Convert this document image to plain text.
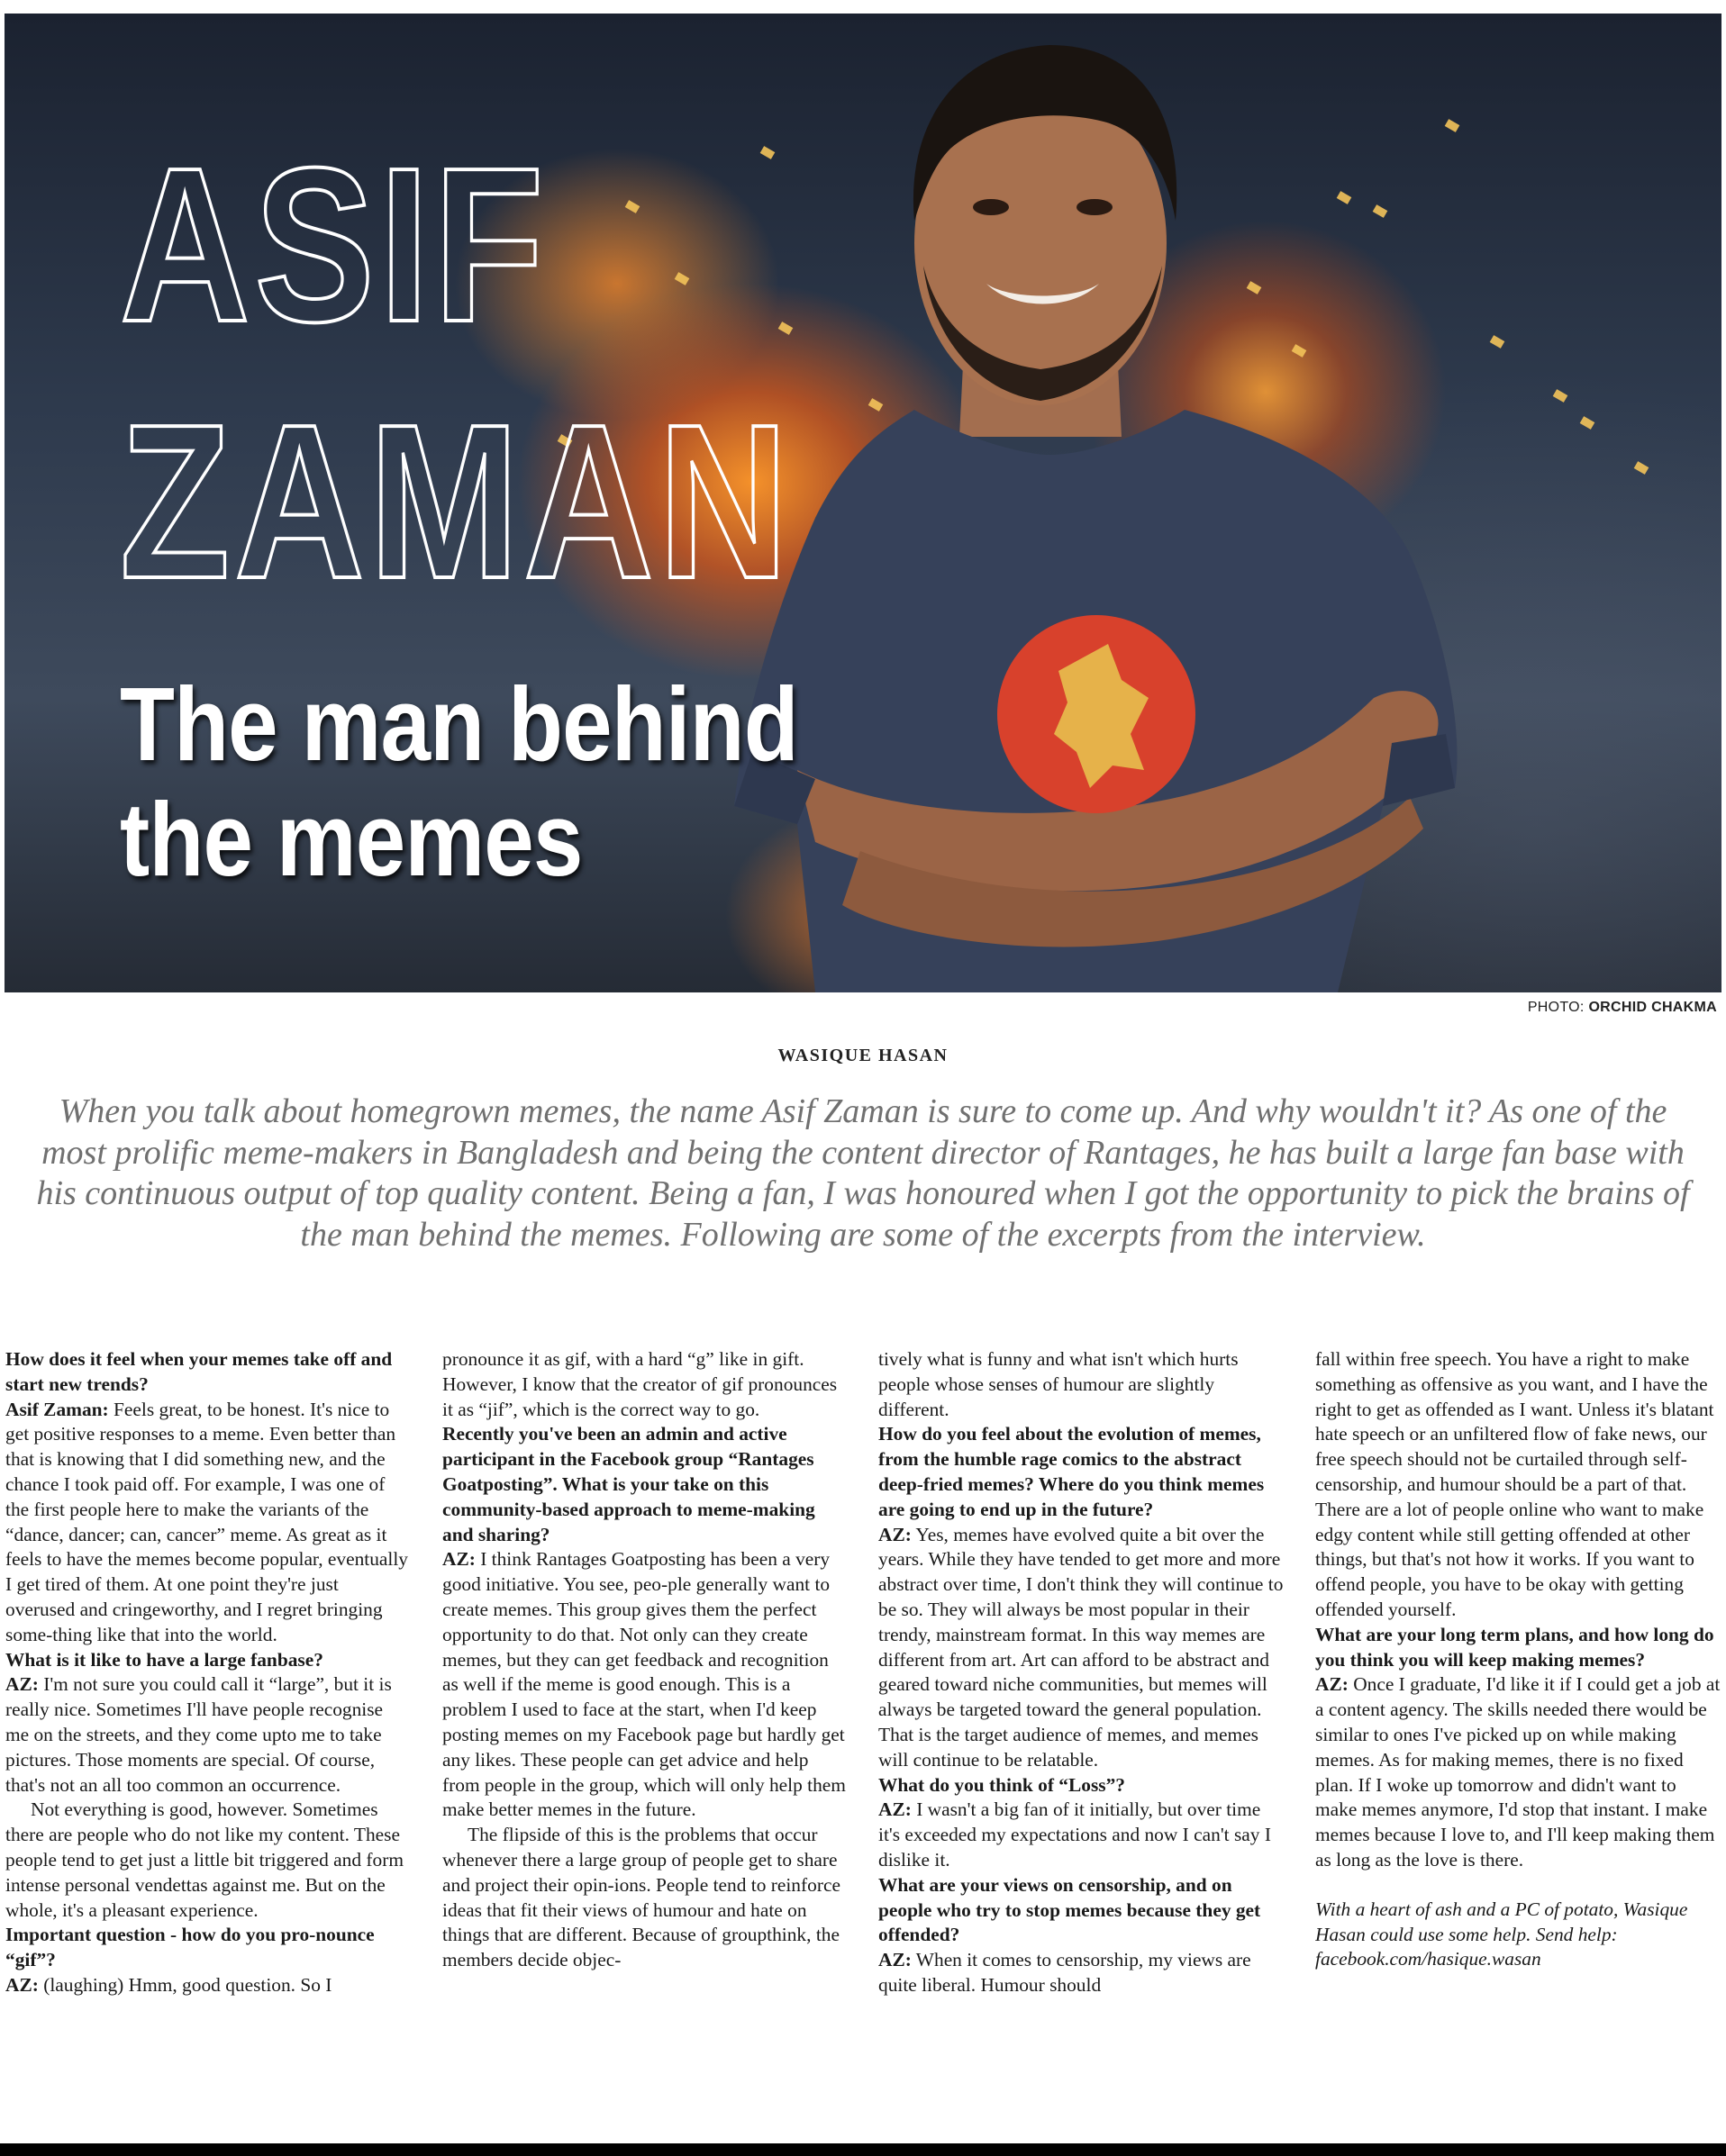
ASIF

ZAMAN

The man behind
the memes

PHOTO: ORCHID CHAKMA

WASIQUE HASAN

When you talk about homegrown memes, the name Asif Zaman is sure to come up. And why wouldn't it? As one of the most prolific meme-makers in Bangladesh and being the content director of Rantages, he has built a large fan base with his continuous output of top quality content. Being a fan, I was honoured when I got the opportunity to pick the brains of the man behind the memes. Following are some of the excerpts from the interview.

How does it feel when your memes take off and start new trends?

Asif Zaman: Feels great, to be honest. It's nice to get positive responses to a meme. Even better than that is knowing that I did something new, and the chance I took paid off. For example, I was one of the first people here to make the variants of the “dance, dancer; can, cancer” meme. As great as it feels to have the memes become popular, eventually I get tired of them. At one point they're just overused and cringeworthy, and I regret bringing some-thing like that into the world.

What is it like to have a large fanbase?

AZ: I'm not sure you could call it “large”, but it is really nice. Sometimes I'll have people recognise me on the streets, and they come upto me to take pictures. Those moments are special. Of course, that's not an all too common an occurrence.

Not everything is good, however. Sometimes there are people who do not like my content. These people tend to get just a little bit triggered and form intense personal vendettas against me. But on the whole, it's a pleasant experience.

Important question - how do you pro-nounce “gif”?

AZ: (laughing) Hmm, good question. So I

pronounce it as gif, with a hard “g” like in gift. However, I know that the creator of gif pronounces it as “jif”, which is the correct way to go.

Recently you've been an admin and active participant in the Facebook group “Rantages Goatposting”. What is your take on this community-based approach to meme-making and sharing?

AZ: I think Rantages Goatposting has been a very good initiative. You see, peo-ple generally want to create memes. This group gives them the perfect opportunity to do that. Not only can they create memes, but they can get feedback and recognition as well if the meme is good enough. This is a problem I used to face at the start, when I'd keep posting memes on my Facebook page but hardly get any likes. These people can get advice and help from people in the group, which will only help them make better memes in the future.

The flipside of this is the problems that occur whenever there a large group of people get to share and project their opin-ions. People tend to reinforce ideas that fit their views of humour and hate on things that are different. Because of groupthink, the members decide objec-

tively what is funny and what isn't which hurts people whose senses of humour are slightly different.

How do you feel about the evolution of memes, from the humble rage comics to the abstract deep-fried memes? Where do you think memes are going to end up in the future?

AZ: Yes, memes have evolved quite a bit over the years. While they have tended to get more and more abstract over time, I don't think they will continue to be so. They will always be most popular in their trendy, mainstream format. In this way memes are different from art. Art can afford to be abstract and geared toward niche communities, but memes will always be targeted toward the general population. That is the target audience of memes, and memes will continue to be relatable.

What do you think of “Loss”?

AZ: I wasn't a big fan of it initially, but over time it's exceeded my expectations and now I can't say I dislike it.

What are your views on censorship, and on people who try to stop memes because they get offended?

AZ: When it comes to censorship, my views are quite liberal. Humour should

fall within free speech. You have a right to make something as offensive as you want, and I have the right to get as offended as I want. Unless it's blatant hate speech or an unfiltered flow of fake news, our free speech should not be curtailed through self-censorship, and humour should be a part of that. There are a lot of people online who want to make edgy content while still getting offended at other things, but that's not how it works. If you want to offend people, you have to be okay with getting offended yourself.

What are your long term plans, and how long do you think you will keep making memes?

AZ: Once I graduate, I'd like it if I could get a job at a content agency. The skills needed there would be similar to ones I've picked up on while making memes. As for making memes, there is no fixed plan. If I woke up tomorrow and didn't want to make memes anymore, I'd stop that instant. I make memes because I love to, and I'll keep making them as long as the love is there.

With a heart of ash and a PC of potato, Wasique Hasan could use some help. Send help: facebook.com/hasique.wasan
